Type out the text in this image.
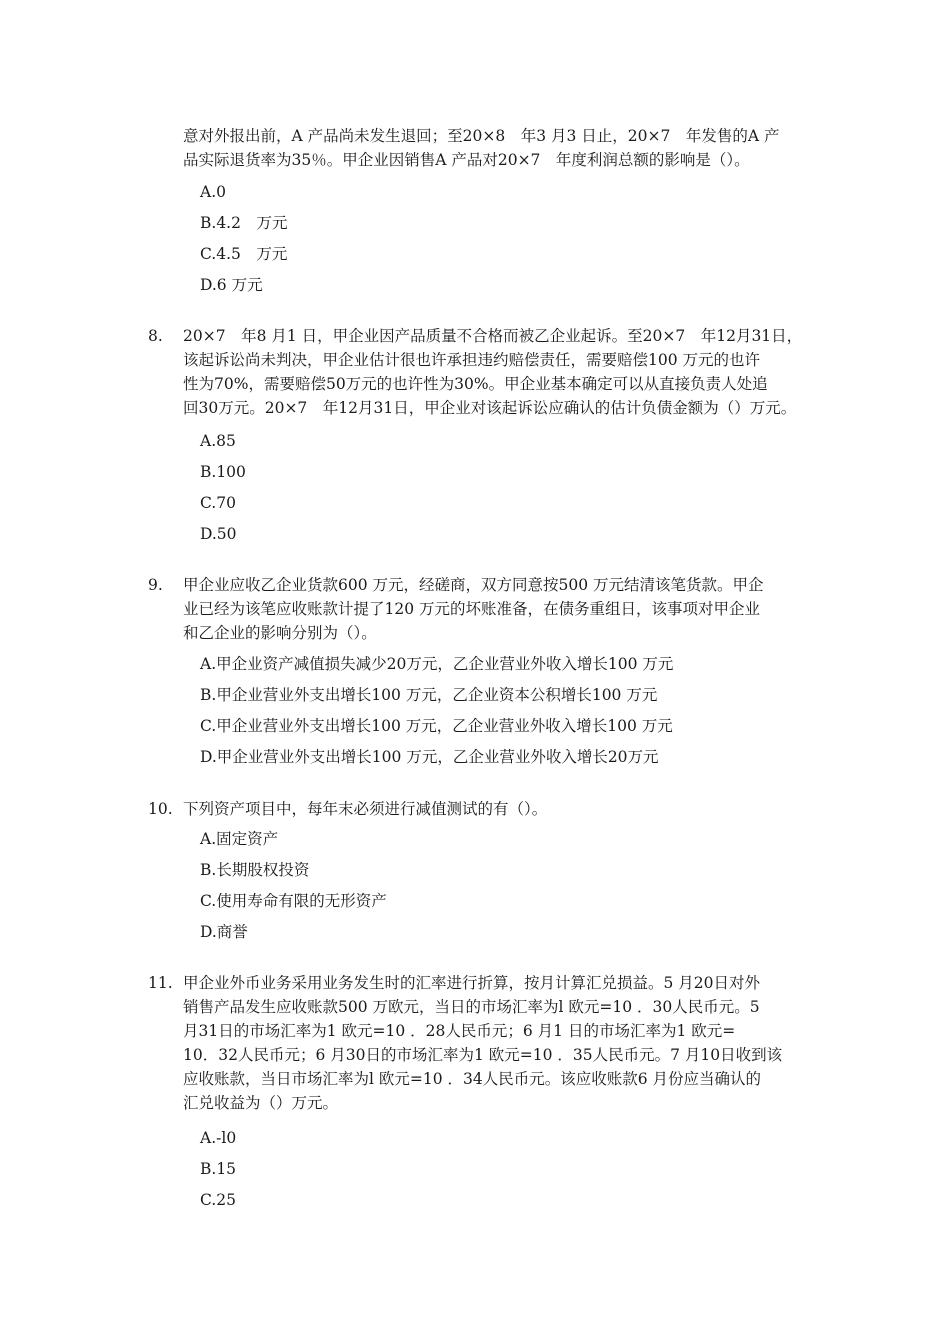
意对外报出前，A 产品尚未发生退回；至20×8　年3 月3 日止，20×7　年发售的A 产
品实际退货率为35％。甲企业因销售A 产品对20×7　年度利润总额的影响是（）。
A.0
B.4.2　万元
C.4.5　万元
D.6 万元
8. 20×7　年8 月1 日，甲企业因产品质量不合格而被乙企业起诉。至20×7　年12月31日，
该起诉讼尚未判决，甲企业估计很也许承担违约赔偿责任，需要赔偿100 万元的也许
性为70%，需要赔偿50万元的也许性为30%。甲企业基本确定可以从直接负责人处追
回30万元。20×7　年12月31日，甲企业对该起诉讼应确认的估计负债金额为（）万元。
A.85
B.100
C.70
D.50
9. 甲企业应收乙企业货款600 万元，经磋商，双方同意按500 万元结清该笔货款。甲企
业已经为该笔应收账款计提了120 万元的坏账准备，在债务重组日，该事项对甲企业
和乙企业的影响分别为（）。
A.甲企业资产减值损失减少20万元，乙企业营业外收入增长100 万元
B.甲企业营业外支出增长100 万元，乙企业资本公积增长100 万元
C.甲企业营业外支出增长100 万元，乙企业营业外收入增长100 万元
D.甲企业营业外支出增长100 万元，乙企业营业外收入增长20万元
10. 下列资产项目中，每年末必须进行减值测试的有（）。
A.固定资产
B.长期股权投资
C.使用寿命有限的无形资产
D.商誉
11. 甲企业外币业务采用业务发生时的汇率进行折算，按月计算汇兑损益。5 月20日对外
销售产品发生应收账款500 万欧元，当日的市场汇率为l 欧元=10 ．30人民币元。5
月31日的市场汇率为1 欧元=10 ．28人民币元；6 月1 日的市场汇率为1 欧元=
10．32人民币元；6 月30日的市场汇率为1 欧元=10 ．35人民币元。7 月10日收到该
应收账款，当日市场汇率为l 欧元=10 ．34人民币元。该应收账款6 月份应当确认的
汇兑收益为（）万元。
A.-l0
B.15
C.25
